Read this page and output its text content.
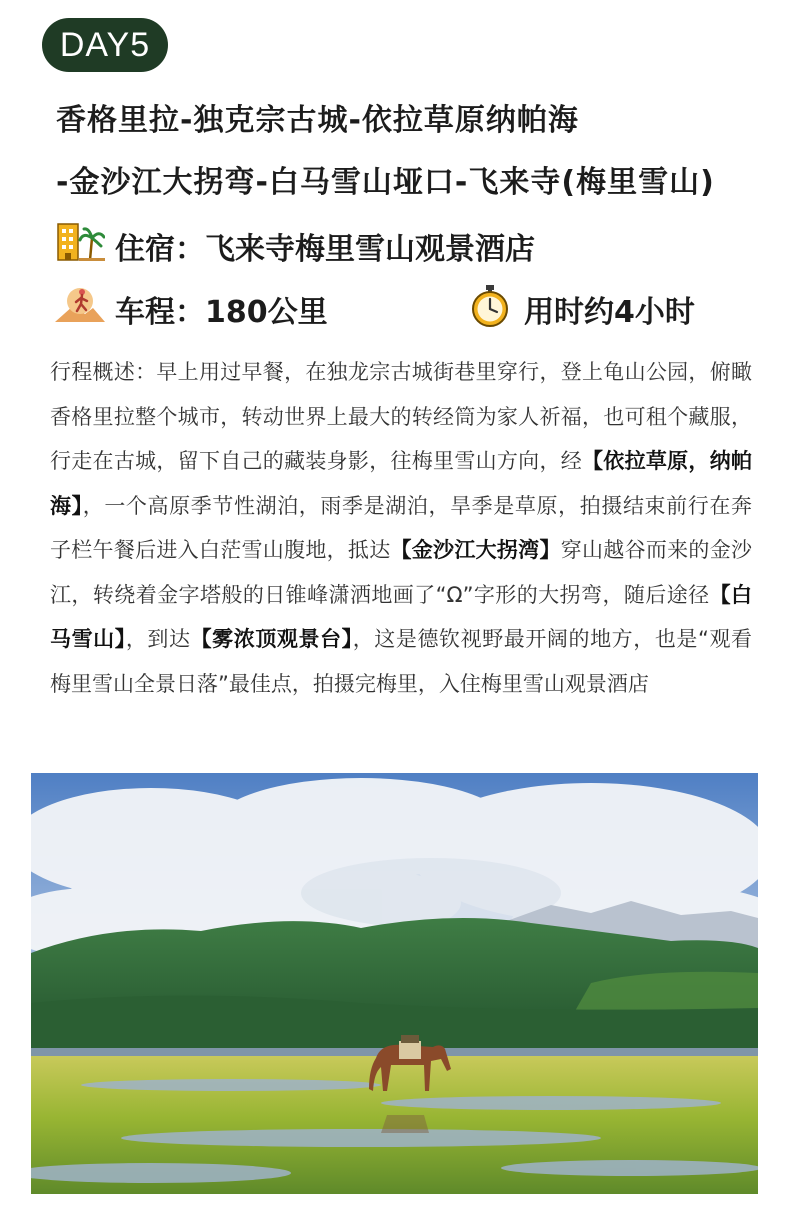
DAY5
香格里拉-独克宗古城-依拉草原纳帕海
-金沙江大拐弯-白马雪山垭口-飞来寺(梅里雪山)
住宿：飞来寺梅里雪山观景酒店
车程：180公里	用时约4小时
行程概述：早上用过早餐，在独龙宗古城街巷里穿行，登上龟山公园，俯瞰香格里拉整个城市，转动世界上最大的转经筒为家人祈福，也可租个藏服，行走在古城，留下自己的藏装身影，往梅里雪山方向，经【依拉草原，纳帕海】，一个高原季节性湖泊，雨季是湖泊，旱季是草原，拍摄结束前行在奔子栏午餐后进入白茫雪山腹地，抵达【金沙江大拐湾】穿山越谷而来的金沙江，转绕着金字塔般的日锥峰潇洒地画了“Ω”字形的大拐弯，随后途径【白马雪山】，到达【雾浓顶观景台】，这是德钦视野最开阔的地方，也是“观看梅里雪山全景日落”最佳点，拍摄完梅里，入住梅里雪山观景酒店
